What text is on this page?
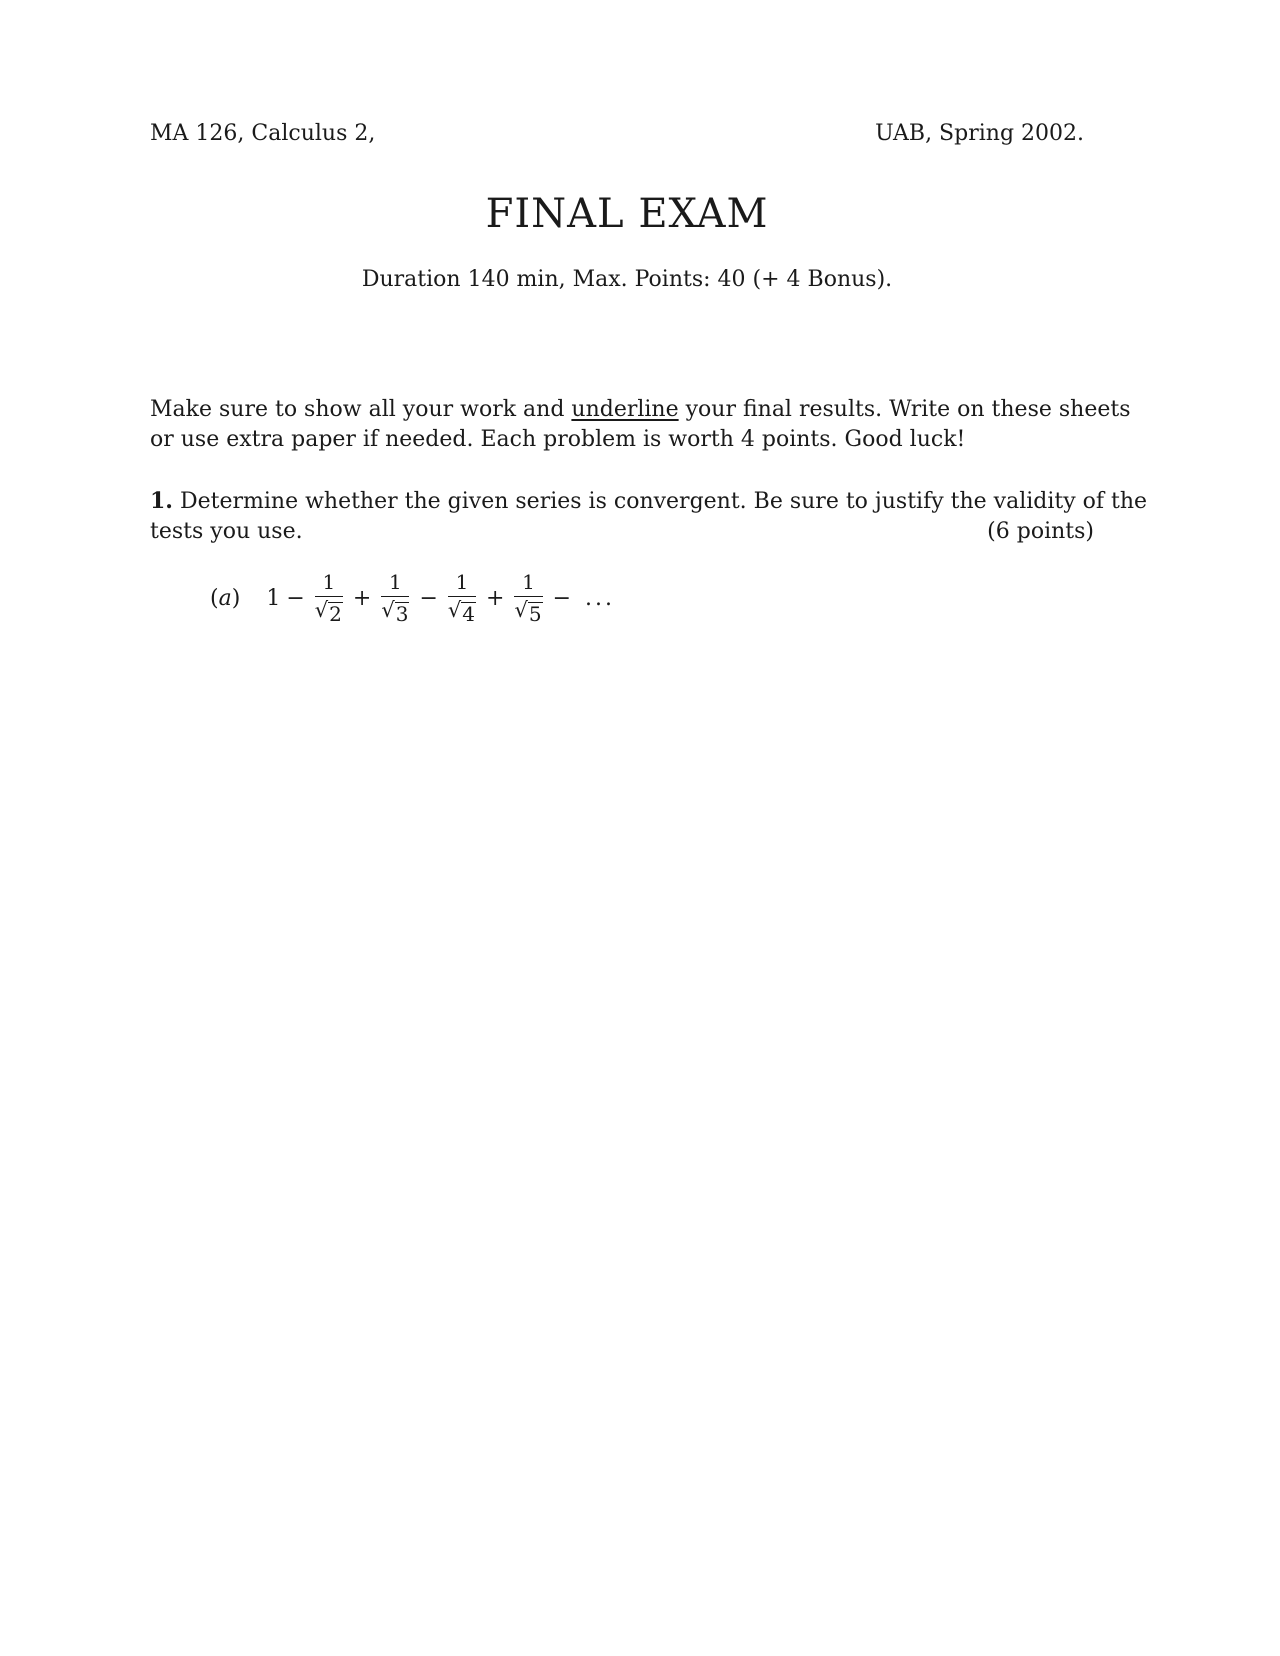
MA 126, Calculus 2,	UAB, Spring 2002.
FINAL EXAM
Duration 140 min, Max. Points: 40 (+ 4 Bonus).
Make sure to show all your work and underline your final results. Write on these sheets
or use extra paper if needed. Each problem is worth 4 points. Good luck!
1. Determine whether the given series is convergent. Be sure to justify the validity of the
tests you use.	(6 points)
(a) $1 - \frac{1}{√ 2} + \frac{1}{√ 3} - \frac{1}{√ 4} + \frac{1}{√ 5}$ − ...
